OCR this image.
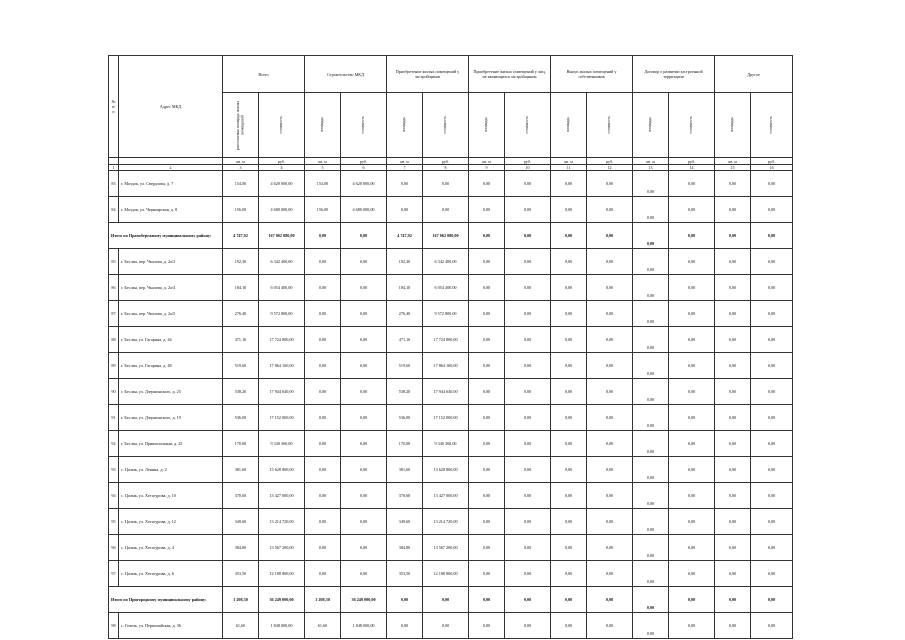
№ п/п	Адрес МКД	Всего		Строительство МКД		Приобретение жилых помещений у застройщиков		Приобретение жилых помещений у лиц, не являющихся застройщиком		Выкуп жилых помещений у собственников		Договор о развитии застроенной территории		Другое	
		расселяемая площадь жилых помещений	стоимость	площадь	стоимость	площадь	стоимость	площадь	стоимость	площадь	стоимость	площадь	стоимость	площадь	стоимость
		кв. м	руб.	кв. м	руб.	кв. м	руб.	кв. м	руб.	кв. м	руб.	кв. м	руб.	кв. м	руб.
1	2	3	4	5	6	7	8	9	10	11	12	13	14	15	16
83	г. Моздок, ул. Свердлова, д. 7	154,00	4 620 000,00	154,00	4 620 000,00	0,00	0,00	0,00	0,00	0,00	0,00	0,00	0,00	0,00	0,00
84	г. Моздок, ул. Черноярская, д. 8	156,00	4 680 000,00	156,00	4 680 000,00	0,00	0,00	0,00	0,00	0,00	0,00	0,00	0,00	0,00	0,00
Итого по Правобережному муниципальному району:		4 747,92	167 062 080,00	0,00	0,00	4 747,92	167 062 080,00	0,00	0,00	0,00	0,00	0,00	0,00	0,00	0,00
85	г. Беслан, пер. Чкалова, д. 2а/3	192,30	6 342 400,00	0,00	0,00	192,30	6 342 400,00	0,00	0,00	0,00	0,00	0,00	0,00	0,00	0,00
86	г. Беслан, пер. Чкалова, д. 2а/4	184,10	6 054 400,00	0,00	0,00	184,10	6 054 400,00	0,00	0,00	0,00	0,00	0,00	0,00	0,00	0,00
87	г. Беслан, пер. Чкалова, д. 2а/5	276,40	9 572 800,00	0,00	0,00	276,40	9 572 800,00	0,00	0,00	0,00	0,00	0,00	0,00	0,00	0,00
88	г. Беслан, ул. Гагарина, д. 44	471,16	17 724 800,00	0,00	0,00	471,16	17 724 800,00	0,00	0,00	0,00	0,00	0,00	0,00	0,00	0,00
89	г. Беслан, ул. Гагарина, д. 48	519,60	17 864 160,00	0,00	0,00	519,60	17 864 160,00	0,00	0,00	0,00	0,00	0,00	0,00	0,00	0,00
90	г. Беслан, ул. Дзержинского, д. 25	538,20	17 944 640,00	0,00	0,00	538,20	17 944 640,00	0,00	0,00	0,00	0,00	0,00	0,00	0,00	0,00
91	г. Беслан, ул. Дзержинского, д. 19	536,00	17 152 000,00	0,00	0,00	536,00	17 152 000,00	0,00	0,00	0,00	0,00	0,00	0,00	0,00	0,00
92	г. Беслан, ул. Привокзальная, д. 25	170,00	9 340 360,00	0,00	0,00	170,00	9 340 360,00	0,00	0,00	0,00	0,00	0,00	0,00	0,00	0,00
93	с. Цалык, ул. Ленина, д. 2	381,60	13 628 800,00	0,00	0,00	381,60	13 628 800,00	0,00	0,00	0,00	0,00	0,00	0,00	0,00	0,00
94	с. Цалык, ул. Хетагурова, д. 10	370,60	13 427 000,00	0,00	0,00	370,60	13 427 000,00	0,00	0,00	0,00	0,00	0,00	0,00	0,00	0,00
95	с. Цалык, ул. Хетагурова, д. 12	349,60	13 214 720,00	0,00	0,00	349,60	13 214 720,00	0,00	0,00	0,00	0,00	0,00	0,00	0,00	0,00
96	с. Цалык, ул. Хетагурова, д. 4	384,80	13 567 200,00	0,00	0,00	384,80	13 567 200,00	0,00	0,00	0,00	0,00	0,00	0,00	0,00	0,00
97	с. Цалык, ул. Хетагурова, д. 6	353,50	12 188 800,00	0,00	0,00	353,50	12 188 800,00	0,00	0,00	0,00	0,00	0,00	0,00	0,00	0,00
Итого по Пригородному муниципальному району:		1 208,30	36 249 000,00	1 208,30	36 249 000,00	0,00	0,00	0,00	0,00	0,00	0,00	0,00	0,00	0,00	0,00
98	с. Гизель, ул. Первомайская, д. 36	61,60	1 848 000,00	61,60	1 848 000,00	0,00	0,00	0,00	0,00	0,00	0,00	0,00	0,00	0,00	0,00
